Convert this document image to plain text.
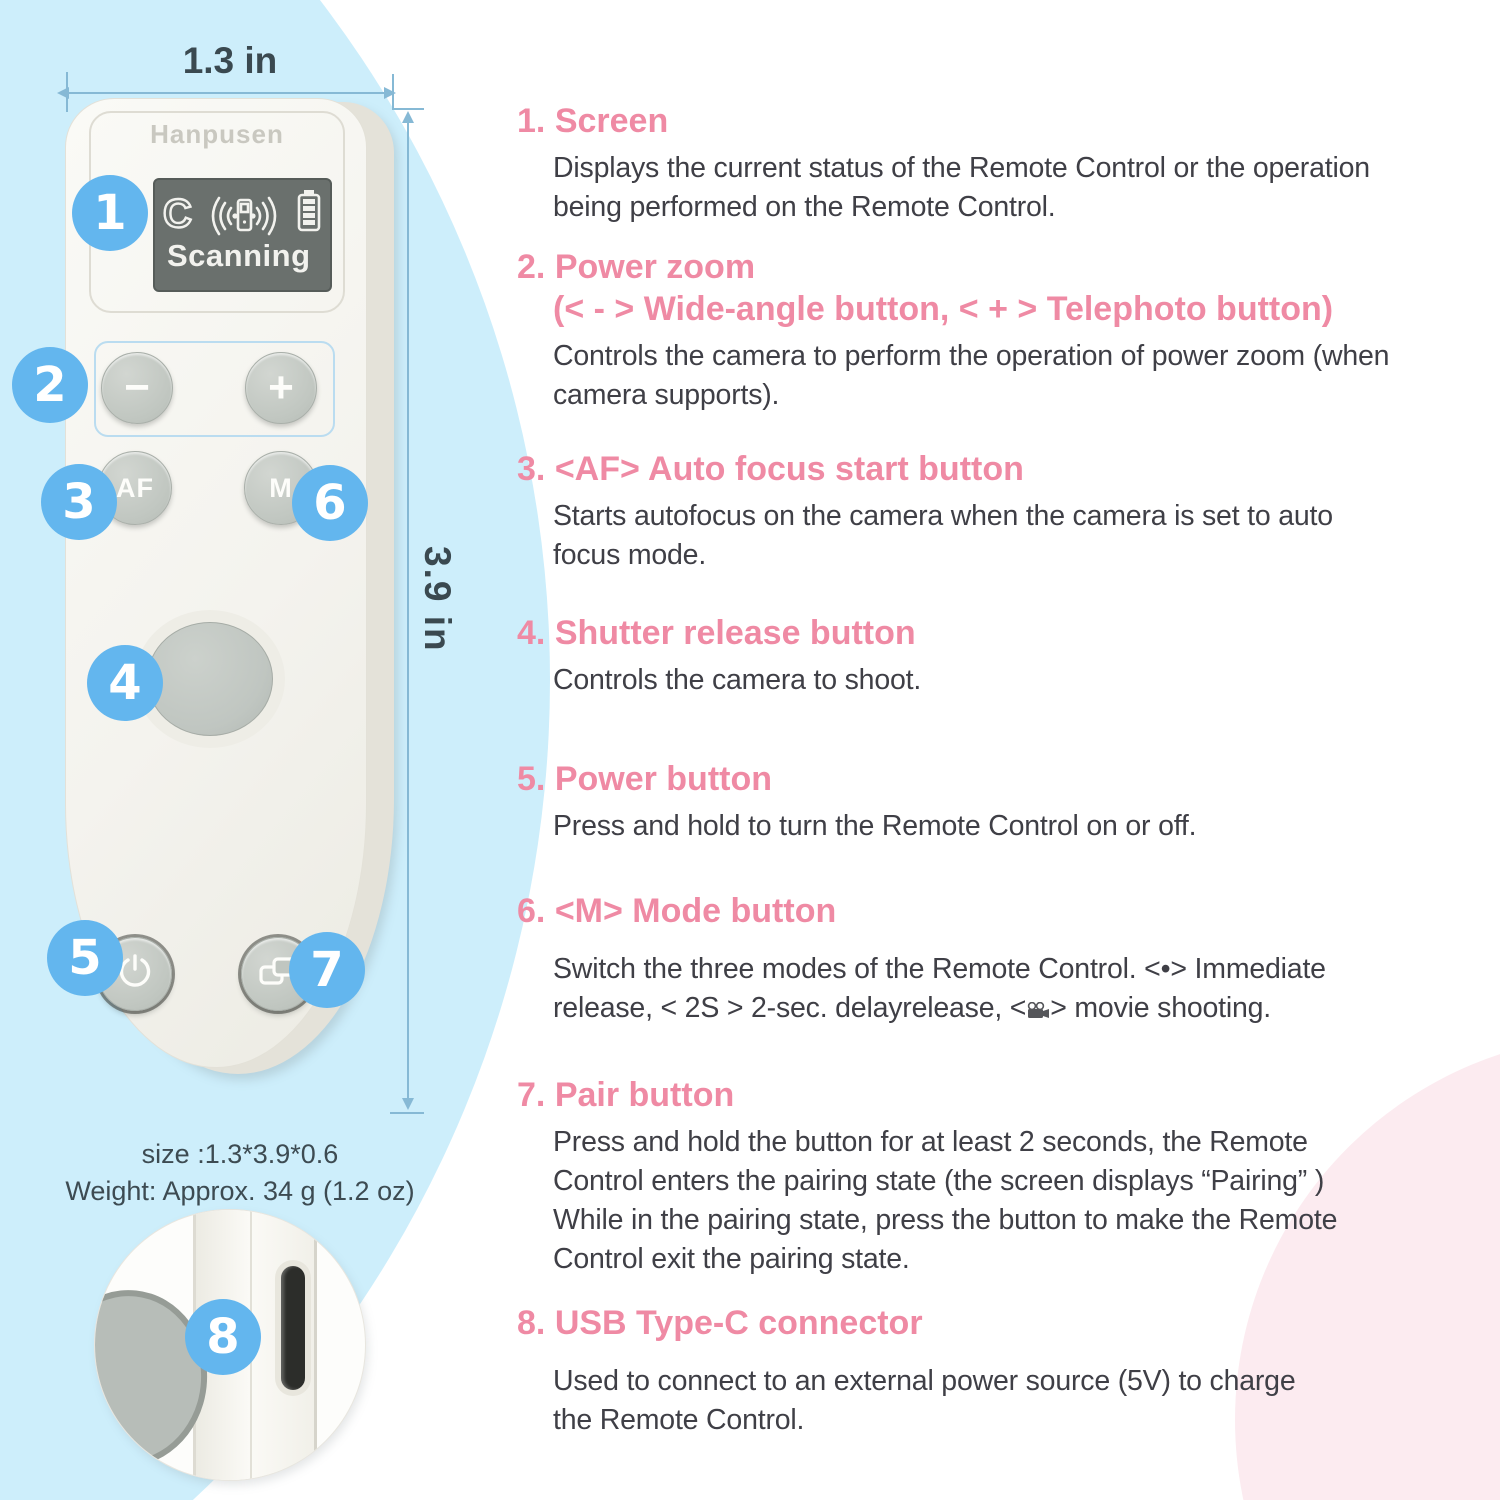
1.3 in
3.9 in
Hanpusen
C
Scanning
−	+
AF	M
size :1.3*3.9*0.6
Weight: Approx. 34 g (1.2 oz)
1
2
3
4
5
6
7
8
1. Screen
Displays the current status of the Remote Control or the operation being performed on the Remote Control.
2. Power zoom
(< - > Wide-angle button, < + > Telephoto button)
Controls the camera to perform the operation of power zoom (when camera supports).
3. <AF> Auto focus start button
Starts autofocus on the camera when the camera is set to auto focus mode.
4. Shutter release button
Controls the camera to shoot.
5. Power button
Press and hold to turn the Remote Control on or off.
6. <M> Mode button
Switch the three modes of the Remote Control. <•> Immediate release, < 2S > 2-sec. delayrelease, < > movie shooting.
7. Pair button
Press and hold the button for at least 2 seconds, the Remote Control enters the pairing state (the screen displays “Pairing” ) While in the pairing state, press the button to make the Remote Control exit the pairing state.
8. USB Type-C connector
Used to connect to an external power source (5V) to charge the Remote Control.
